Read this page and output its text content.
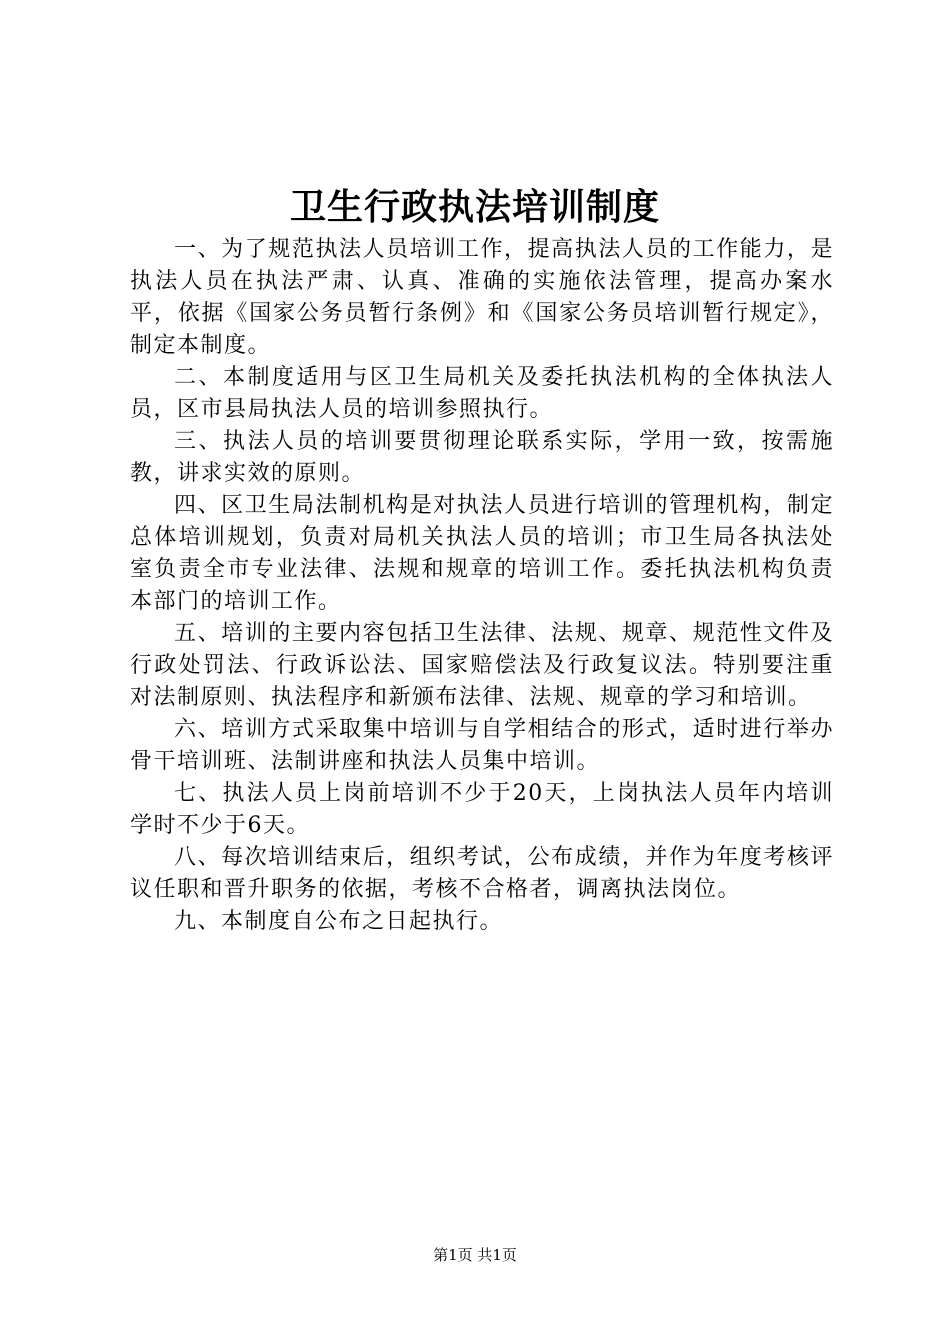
卫生行政执法培训制度

一、为了规范执法人员培训工作，提高执法人员的工作能力，是执法人员在执法严肃、认真、准确的实施依法管理，提高办案水平，依据《国家公务员暂行条例》和《国家公务员培训暂行规定》，制定本制度。

二、本制度适用与区卫生局机关及委托执法机构的全体执法人员，区市县局执法人员的培训参照执行。

三、执法人员的培训要贯彻理论联系实际，学用一致，按需施教，讲求实效的原则。

四、区卫生局法制机构是对执法人员进行培训的管理机构，制定总体培训规划，负责对局机关执法人员的培训；市卫生局各执法处室负责全市专业法律、法规和规章的培训工作。委托执法机构负责本部门的培训工作。

五、培训的主要内容包括卫生法律、法规、规章、规范性文件及行政处罚法、行政诉讼法、国家赔偿法及行政复议法。特别要注重对法制原则、执法程序和新颁布法律、法规、规章的学习和培训。

六、培训方式采取集中培训与自学相结合的形式，适时进行举办骨干培训班、法制讲座和执法人员集中培训。

七、执法人员上岗前培训不少于20天，上岗执法人员年内培训学时不少于6天。

八、每次培训结束后，组织考试，公布成绩，并作为年度考核评议任职和晋升职务的依据，考核不合格者，调离执法岗位。

九、本制度自公布之日起执行。

第1页 共1页
